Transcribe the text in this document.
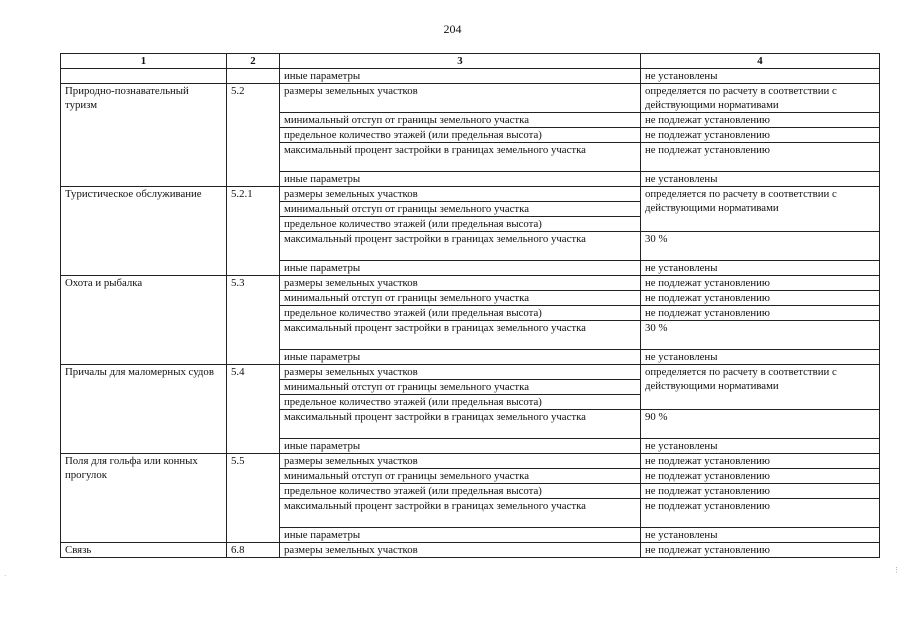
204
1	2	3	4
		иные параметры	не установлены
Природно-познавательный туризм	5.2	размеры земельных участков	определяется по расчету в соответствии с действующими нормативами
		минимальный отступ от границы земельного участка	не подлежат установлению
		предельное количество этажей (или предельная высота)	не подлежат установлению
		максимальный процент застройки в границах земельного участка	не подлежат установлению
		иные параметры	не установлены
Туристическое обслуживание	5.2.1	размеры земельных участков	определяется по расчету в соответствии с действующими нормативами
		минимальный отступ от границы земельного участка	
		предельное количество этажей (или предельная высота)	
		максимальный процент застройки в границах земельного участка	30 %
		иные параметры	не установлены
Охота и рыбалка	5.3	размеры земельных участков	не подлежат установлению
		минимальный отступ от границы земельного участка	не подлежат установлению
		предельное количество этажей (или предельная высота)	не подлежат установлению
		максимальный процент застройки в границах земельного участка	30 %
		иные параметры	не установлены
Причалы для маломерных судов	5.4	размеры земельных участков	определяется по расчету в соответствии с действующими нормативами
		минимальный отступ от границы земельного участка	
		предельное количество этажей (или предельная высота)	
		максимальный процент застройки в границах земельного участка	90 %
		иные параметры	не установлены
Поля для гольфа или конных прогулок	5.5	размеры земельных участков	не подлежат установлению
		минимальный отступ от границы земельного участка	не подлежат установлению
		предельное количество этажей (или предельная высота)	не подлежат установлению
		максимальный процент застройки в границах земельного участка	не подлежат установлению
		иные параметры	не установлены
Связь	6.8	размеры земельных участков	не подлежат установлению
·
⋮
